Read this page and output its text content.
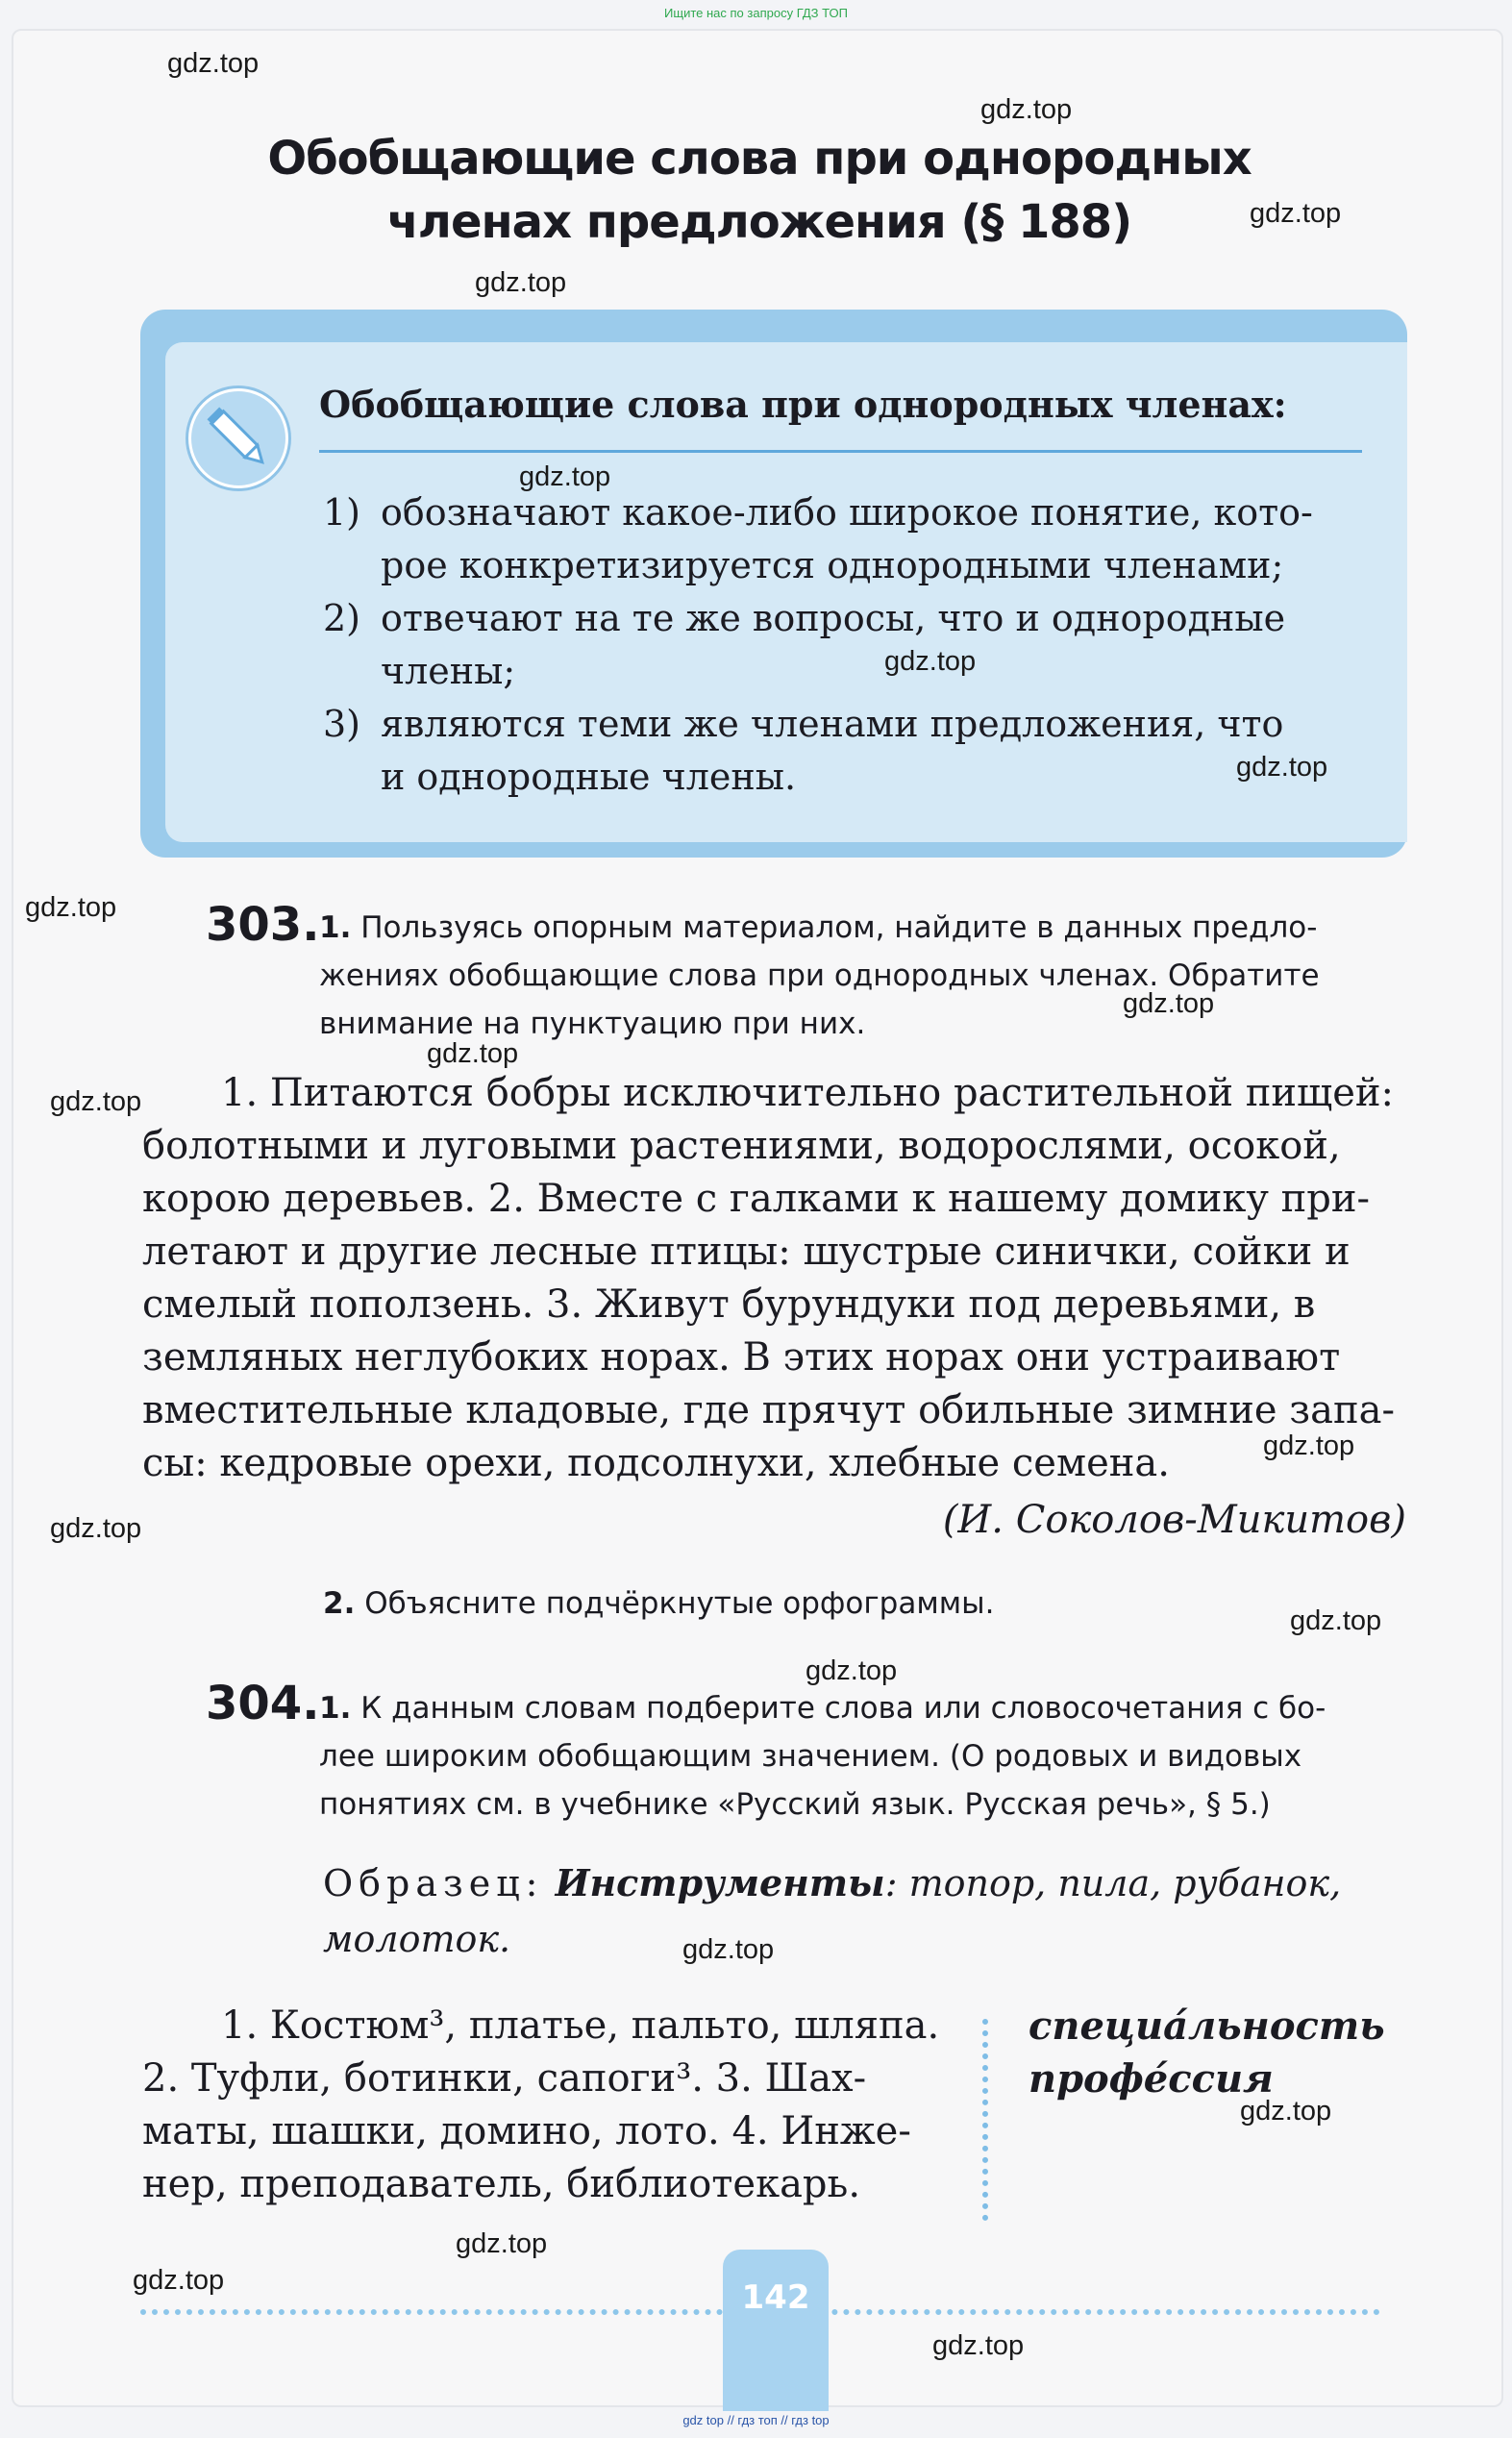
Ищите нас по запросу ГДЗ ТОП
Обобщающие слова при однородных
членах предложения (§ 188)
Обобщающие слова при однородных членах:
1) обозначают какое-либо широкое понятие, кото-
рое конкретизируется однородными членами;
2) отвечают на те же вопросы, что и однородные
члены;
3) являются теми же членами предложения, что
и однородные члены.
303. 1. Пользуясь опорным материалом, найдите в данных предло-
жениях обобщающие слова при однородных членах. Обратите
внимание на пунктуацию при них.
1. Питаются бобры исключительно растительной пищей:
болотными и луговыми растениями, водорослями, осокой,
корою деревьев. 2. Вместе с галками к нашему домику при-
летают и другие лесные птицы: шустрые синички, сойки и
смелый поползень. 3. Живут бурундуки под деревьями, в
земляных неглубоких норах. В этих норах они устраивают
вместительные кладовые, где прячут обильные зимние запа-
сы: кедровые орехи, подсолнухи, хлебные семена.
(И. Соколов-Микитов)
2. Объясните подчёркнутые орфограммы.
304. 1. К данным словам подберите слова или словосочетания с бо-
лее широким обобщающим значением. (О родовых и видовых
понятиях см. в учебнике «Русский язык. Русская речь», § 5.)
Образец: Инструменты: топор, пила, рубанок,
молоток.
1. Костюм³, платье, пальто, шляпа.
2. Туфли, ботинки, сапоги³. 3. Шах-
маты, шашки, домино, лото. 4. Инже-
нер, преподаватель, библиотекарь.
специа́льность
профе́ссия
142
gdz.top
gdz.top
gdz.top
gdz.top
gdz.top
gdz.top
gdz.top
gdz.top
gdz.top
gdz.top
gdz.top
gdz.top
gdz.top
gdz.top
gdz.top
gdz.top
gdz.top
gdz.top
gdz.top
gdz.top
gdz top // гдз топ // гдз top
